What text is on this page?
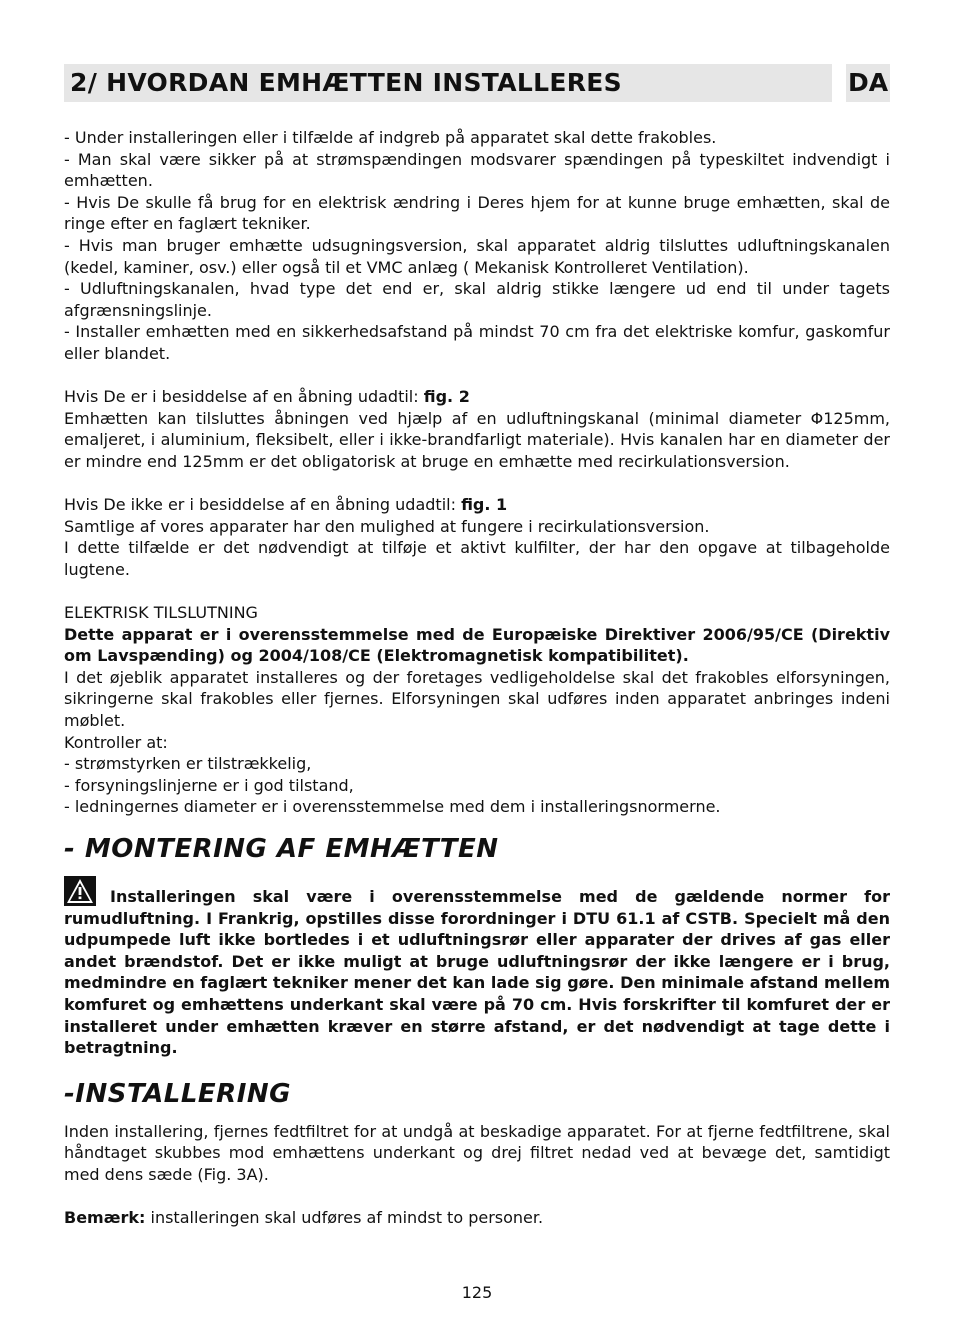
2/ HVORDAN EMHÆTTEN INSTALLERES	DA

- Under installeringen eller i tilfælde af indgreb på apparatet skal dette frakobles.

- Man skal være sikker på at strømspændingen modsvarer spændingen på typeskiltet indvendigt i emhætten.

- Hvis De skulle få brug for en elektrisk ændring i Deres hjem for at kunne bruge emhætten, skal de ringe efter en faglært tekniker.

- Hvis man bruger emhætte udsugningsversion, skal apparatet aldrig tilsluttes udluftningskanalen (kedel, kaminer, osv.) eller også til et VMC anlæg ( Mekanisk Kontrolleret Ventilation).

- Udluftningskanalen, hvad type det end er, skal aldrig stikke længere ud end til under tagets afgrænsningslinje.

- Installer emhætten med en sikkerhedsafstand på mindst 70 cm fra det elektriske komfur, gaskomfur eller blandet.

Hvis De er i besiddelse af en åbning udadtil: fig. 2

Emhætten kan tilsluttes åbningen ved hjælp af en udluftningskanal (minimal diameter Φ125mm, emaljeret, i aluminium, fleksibelt, eller i ikke-brandfarligt materiale). Hvis kanalen har en diameter der er mindre end 125mm er det obligatorisk at bruge en emhætte med recirkulationsversion.

Hvis De ikke er i besiddelse af en åbning udadtil: fig. 1

Samtlige af vores apparater har den mulighed at fungere i recirkulationsversion.

I dette tilfælde er det nødvendigt at tilføje et aktivt kulfilter, der har den opgave at tilbageholde lugtene.

ELEKTRISK TILSLUTNING

Dette apparat er i overensstemmelse med de Europæiske Direktiver 2006/95/CE (Direktiv om Lavspænding) og 2004/108/CE (Elektromagnetisk kompatibilitet).

I det øjeblik apparatet installeres og der foretages vedligeholdelse skal det frakobles elforsyningen, sikringerne skal frakobles eller fjernes. Elforsyningen skal udføres inden apparatet anbringes indeni møblet.

Kontroller at:

- strømstyrken er tilstrækkelig,

- forsyningslinjerne er i god tilstand,

- ledningernes diameter er i overensstemmelse med dem i installeringsnormerne.

- MONTERING AF EMHÆTTEN

Installeringen skal være i overensstemmelse med de gældende normer for rumudluftning. I Frankrig, opstilles disse forordninger i DTU 61.1 af CSTB. Specielt må den udpumpede luft ikke bortledes i et udluftningsrør eller apparater der drives af gas eller andet brændstof. Det er ikke muligt at bruge udluftningsrør der ikke længere er i brug, medmindre en faglært tekniker mener det kan lade sig gøre. Den minimale afstand mellem komfuret og emhættens underkant skal være på 70 cm. Hvis forskrifter til komfuret der er installeret under emhætten kræver en større afstand, er det nødvendigt at tage dette i betragtning.

-INSTALLERING

Inden installering, fjernes fedtfiltret for at undgå at beskadige apparatet. For at fjerne fedtfiltrene, skal håndtaget skubbes mod emhættens underkant og drej filtret nedad ved at bevæge det, samtidigt med dens sæde (Fig. 3A).

Bemærk: installeringen skal udføres af mindst to personer.

125
